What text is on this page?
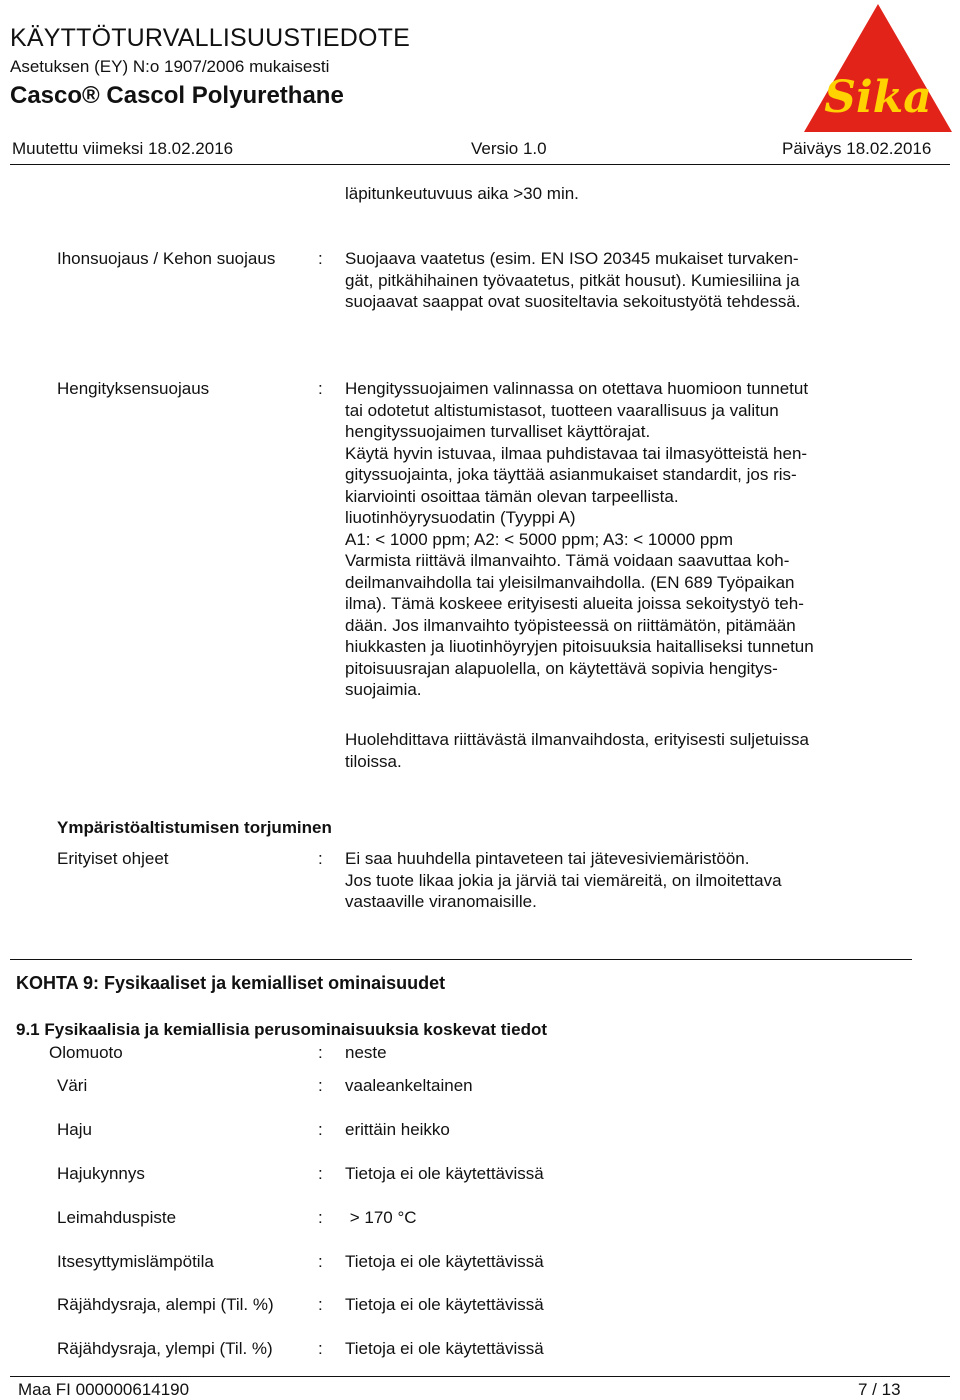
KÄYTTÖTURVALLISUUSTIEDOTE
Asetuksen (EY) N:o 1907/2006 mukaisesti
Casco® Cascol Polyurethane
Muutettu viimeksi 18.02.2016	Versio 1.0	Päiväys 18.02.2016
Sika R
läpitunkeutuvuus aika >30 min.
Ihonsuojaus / Kehon suojaus	: Suojaava vaatetus (esim. EN ISO 20345 mukaiset turvaken-

gät, pitkähihainen työvaatetus, pitkät housut). Kumiesiliina ja

suojaavat saappat ovat suositeltavia sekoitustyötä tehdessä.

Hengityksensuojaus	: Hengityssuojaimen valinnassa on otettava huomioon tunnetut

tai odotetut altistumistasot, tuotteen vaarallisuus ja valitun

hengityssuojaimen turvalliset käyttörajat.

Käytä hyvin istuvaa, ilmaa puhdistavaa tai ilmasyötteistä hen-

gityssuojainta, joka täyttää asianmukaiset standardit, jos ris-

kiarviointi osoittaa tämän olevan tarpeellista.

liuotinhöyrysuodatin (Tyyppi A)

A1: < 1000 ppm; A2: < 5000 ppm; A3: < 10000 ppm

Varmista riittävä ilmanvaihto. Tämä voidaan saavuttaa koh-

deilmanvaihdolla tai yleisilmanvaihdolla. (EN 689 Työpaikan

ilma). Tämä koskeee erityisesti alueita joissa sekoitystyö teh-

dään. Jos ilmanvaihto työpisteessä on riittämätön, pitämään

hiukkasten ja liuotinhöyryjen pitoisuuksia haitalliseksi tunnetun

pitoisuusrajan alapuolella, on käytettävä sopivia hengitys-

suojaimia.

Huolehdittava riittävästä ilmanvaihdosta, erityisesti suljetuissa

tiloissa.

Ympäristöaltistumisen torjuminen
Erityiset ohjeet	: Ei saa huuhdella pintaveteen tai jätevesiviemäristöön.

Jos tuote likaa jokia ja järviä tai viemäreitä, on ilmoitettava

vastaaville viranomaisille.

KOHTA 9: Fysikaaliset ja kemialliset ominaisuudet
9.1 Fysikaalisia ja kemiallisia perusominaisuuksia koskevat tiedot
Olomuoto	: neste
Väri	: vaaleankeltainen
Haju	: erittäin heikko
Hajukynnys	: Tietoja ei ole käytettävissä
Leimahduspiste	: > 170 °C
Itsesyttymislämpötila	: Tietoja ei ole käytettävissä
Räjähdysraja, alempi (Til. %)	: Tietoja ei ole käytettävissä
Räjähdysraja, ylempi (Til. %)	: Tietoja ei ole käytettävissä
Maa FI 000000614190	7 / 13
